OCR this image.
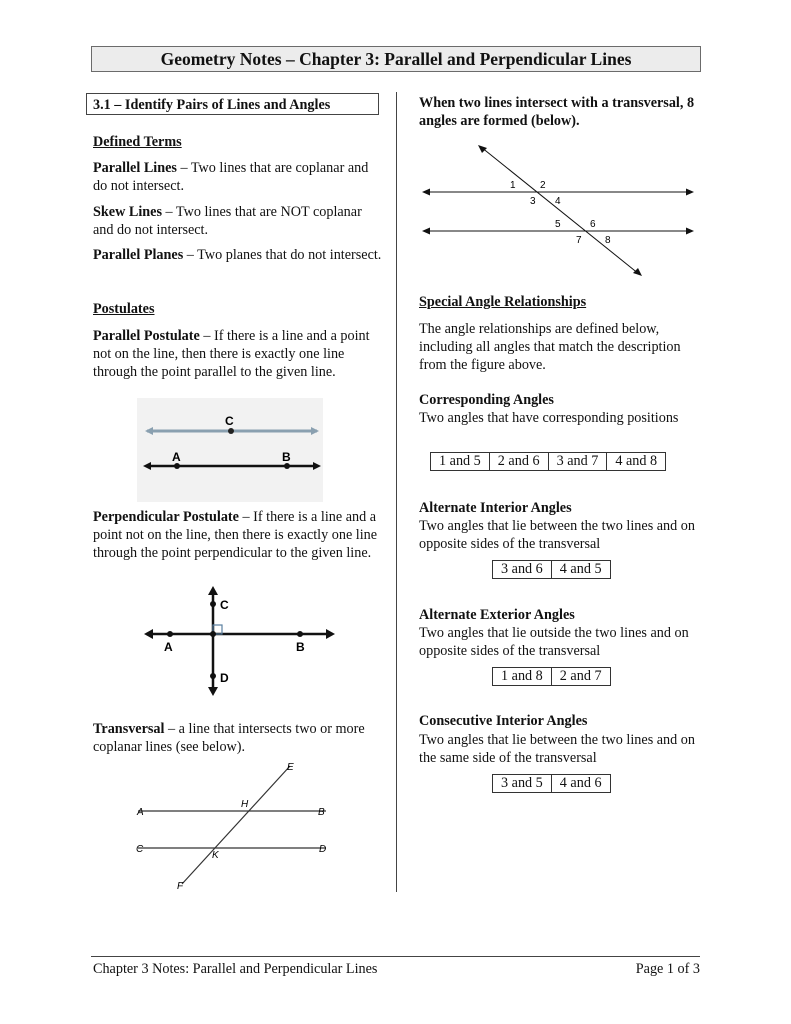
Geometry Notes – Chapter 3: Parallel and Perpendicular Lines
3.1 – Identify Pairs of Lines and Angles
Defined Terms

Parallel Lines – Two lines that are coplanar and do not intersect.

Skew Lines – Two lines that are NOT coplanar and do not intersect.

Parallel Planes – Two planes that do not intersect.

Postulates

Parallel Postulate – If there is a line and a point not on the line, then there is exactly one line through the point parallel to the given line.

C
A	B

Perpendicular Postulate – If there is a line and a point not on the line, then there is exactly one line through the point perpendicular to the given line.

C
A	B
D

Transversal – a line that intersects two or more coplanar lines (see below).

A	B
C	D
E
F
H
K

When two lines intersect with a transversal, 8 angles are formed (below).

1 2
3 4
5	6
7 8
Special Angle Relationships

The angle relationships are defined below, including all angles that match the description from the figure above.

Corresponding Angles

Two angles that have corresponding positions

1 and 5	2 and 6	3 and 7	4 and 8
Alternate Interior Angles

Two angles that lie between the two lines and on opposite sides of the transversal

3 and 6	4 and 5
Alternate Exterior Angles

Two angles that lie outside the two lines and on opposite sides of the transversal

1 and 8	2 and 7
Consecutive Interior Angles

Two angles that lie between the two lines and on the same side of the transversal

3 and 5	4 and 6
Chapter 3 Notes: Parallel and Perpendicular Lines	Page 1 of 3
